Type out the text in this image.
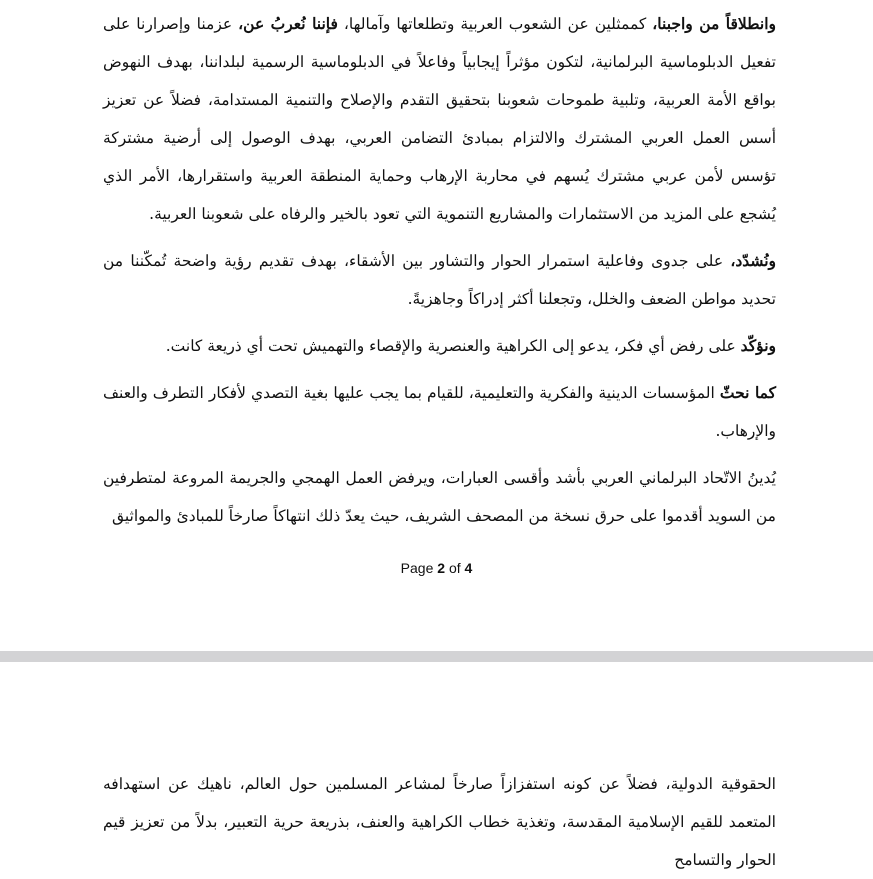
وانطلاقاً من واجبنا، كممثلين عن الشعوب العربية وتطلعاتها وآمالها، فإننا نُعربُ عن، عزمنا وإصرارنا على تفعيل الدبلوماسية البرلمانية، لتكون مؤثراً إيجابياً وفاعلاً في الدبلوماسية الرسمية لبلداننا، بهدف النهوض بواقع الأمة العربية، وتلبية طموحات شعوبنا بتحقيق التقدم والإصلاح والتنمية المستدامة، فضلاً عن تعزيز أسس العمل العربي المشترك والالتزام بمبادئ التضامن العربي، بهدف الوصول إلى أرضية مشتركة تؤسس لأمن عربي مشترك يُسهم في محاربة الإرهاب وحماية المنطقة العربية واستقرارها، الأمر الذي يُشجع على المزيد من الاستثمارات والمشاريع التنموية التي تعود بالخير والرفاه على شعوبنا العربية.

ونُشدّد، على جدوى وفاعلية استمرار الحوار والتشاور بين الأشقاء، بهدف تقديم رؤية واضحة تُمكّننا من تحديد مواطن الضعف والخلل، وتجعلنا أكثر إدراكاً وجاهزيةً.

ونؤكّد على رفض أي فكر، يدعو إلى الكراهية والعنصرية والإقصاء والتهميش تحت أي ذريعة كانت.

كما نحثّ المؤسسات الدينية والفكرية والتعليمية، للقيام بما يجب عليها بغية التصدي لأفكار التطرف والعنف والإرهاب.

يُدينُ الاتّحاد البرلماني العربي بأشد وأقسى العبارات، ويرفض العمل الهمجي والجريمة المروعة لمتطرفين من السويد أقدموا على حرق نسخة من المصحف الشريف، حيث يعدّ ذلك انتهاكاً صارخاً للمبادئ والمواثيق

Page 2 of 4

الحقوقية الدولية، فضلاً عن كونه استفزازاً صارخاً لمشاعر المسلمين حول العالم، ناهيك عن استهدافه المتعمد للقيم الإسلامية المقدسة، وتغذية خطاب الكراهية والعنف، بذريعة حرية التعبير، بدلاً من تعزيز قيم الحوار والتسامح
